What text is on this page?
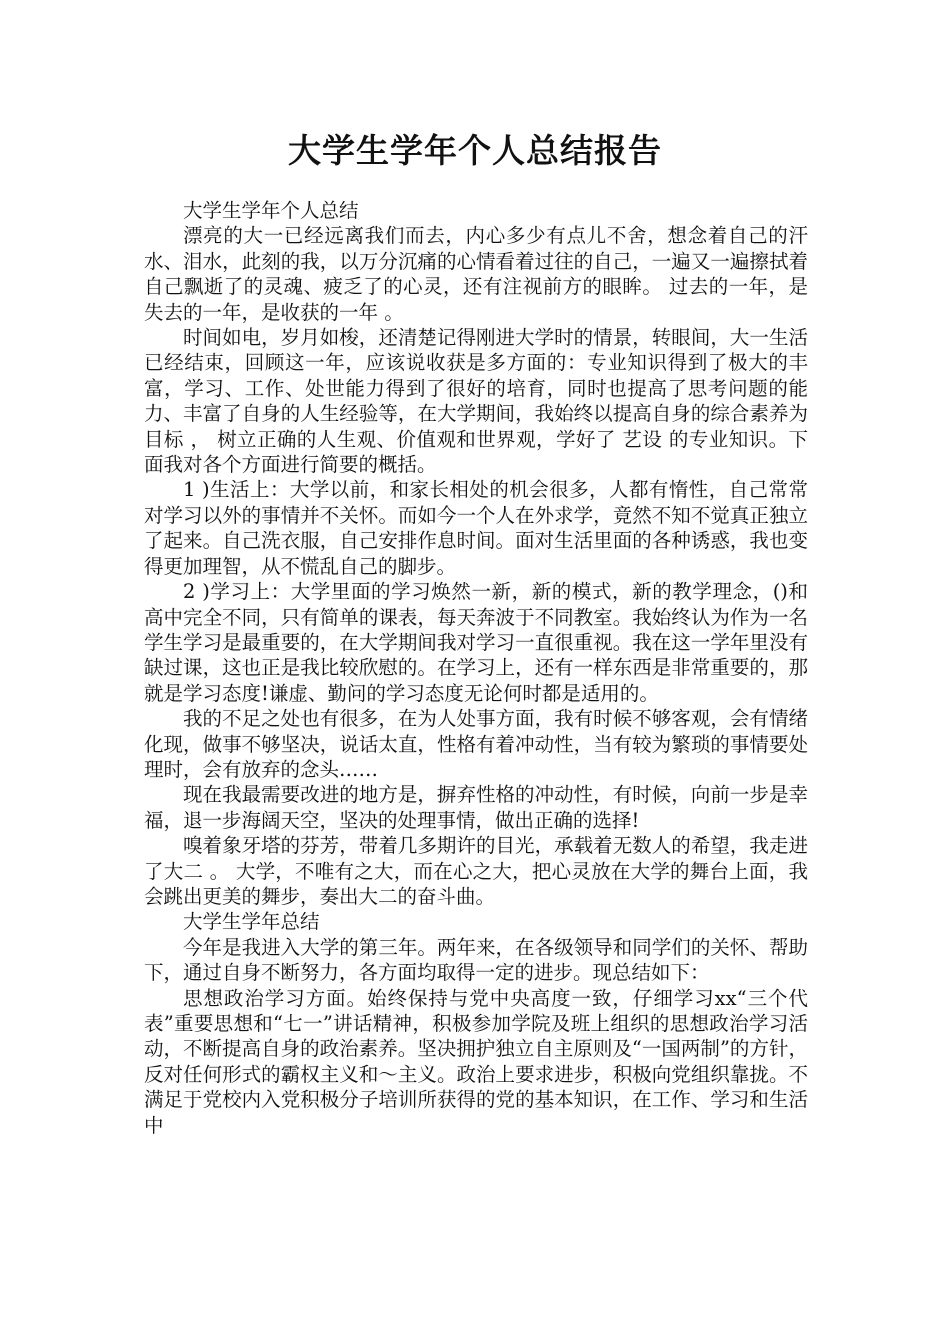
大学生学年个人总结报告

大学生学年个人总结

漂亮的大一已经远离我们而去，内心多少有点儿不舍，想念着自己的汗水、泪水，此刻的我，以万分沉痛的心情看着过往的自己，一遍又一遍擦拭着自己飘逝了的灵魂、疲乏了的心灵，还有注视前方的眼眸。 过去的一年，是失去的一年，是收获的一年 。

时间如电，岁月如梭，还清楚记得刚进大学时的情景，转眼间，大一生活已经结束，回顾这一年，应该说收获是多方面的：专业知识得到了极大的丰富，学习、工作、处世能力得到了很好的培育，同时也提高了思考问题的能力、丰富了自身的人生经验等，在大学期间，我始终以提高自身的综合素养为目标 ， 树立正确的人生观、价值观和世界观，学好了 艺设 的专业知识。下面我对各个方面进行简要的概括。

1 )生活上：大学以前，和家长相处的机会很多，人都有惰性，自己常常对学习以外的事情并不关怀。而如今一个人在外求学，竟然不知不觉真正独立了起来。自己洗衣服，自己安排作息时间。面对生活里面的各种诱惑，我也变得更加理智，从不慌乱自己的脚步。

2 )学习上：大学里面的学习焕然一新，新的模式，新的教学理念，()和高中完全不同，只有简单的课表，每天奔波于不同教室。我始终认为作为一名学生学习是最重要的，在大学期间我对学习一直很重视。我在这一学年里没有缺过课，这也正是我比较欣慰的。在学习上，还有一样东西是非常重要的，那就是学习态度!谦虚、勤问的学习态度无论何时都是适用的。

我的不足之处也有很多，在为人处事方面，我有时候不够客观，会有情绪化现，做事不够坚决，说话太直，性格有着冲动性，当有较为繁琐的事情要处理时，会有放弃的念头……

现在我最需要改进的地方是，摒弃性格的冲动性，有时候，向前一步是幸福，退一步海阔天空，坚决的处理事情，做出正确的选择!

嗅着象牙塔的芬芳，带着几多期许的目光，承载着无数人的希望，我走进了大二 。 大学，不唯有之大，而在心之大，把心灵放在大学的舞台上面，我会跳出更美的舞步，奏出大二的奋斗曲。

大学生学年总结

今年是我进入大学的第三年。两年来，在各级领导和同学们的关怀、帮助下，通过自身不断努力，各方面均取得一定的进步。现总结如下：

思想政治学习方面。始终保持与党中央高度一致，仔细学习xx“三个代表”重要思想和“七一”讲话精神，积极参加学院及班上组织的思想政治学习活动，不断提高自身的政治素养。坚决拥护独立自主原则及“一国两制”的方针，反对任何形式的霸权主义和～主义。政治上要求进步，积极向党组织靠拢。不满足于党校内入党积极分子培训所获得的党的基本知识，在工作、学习和生活中
